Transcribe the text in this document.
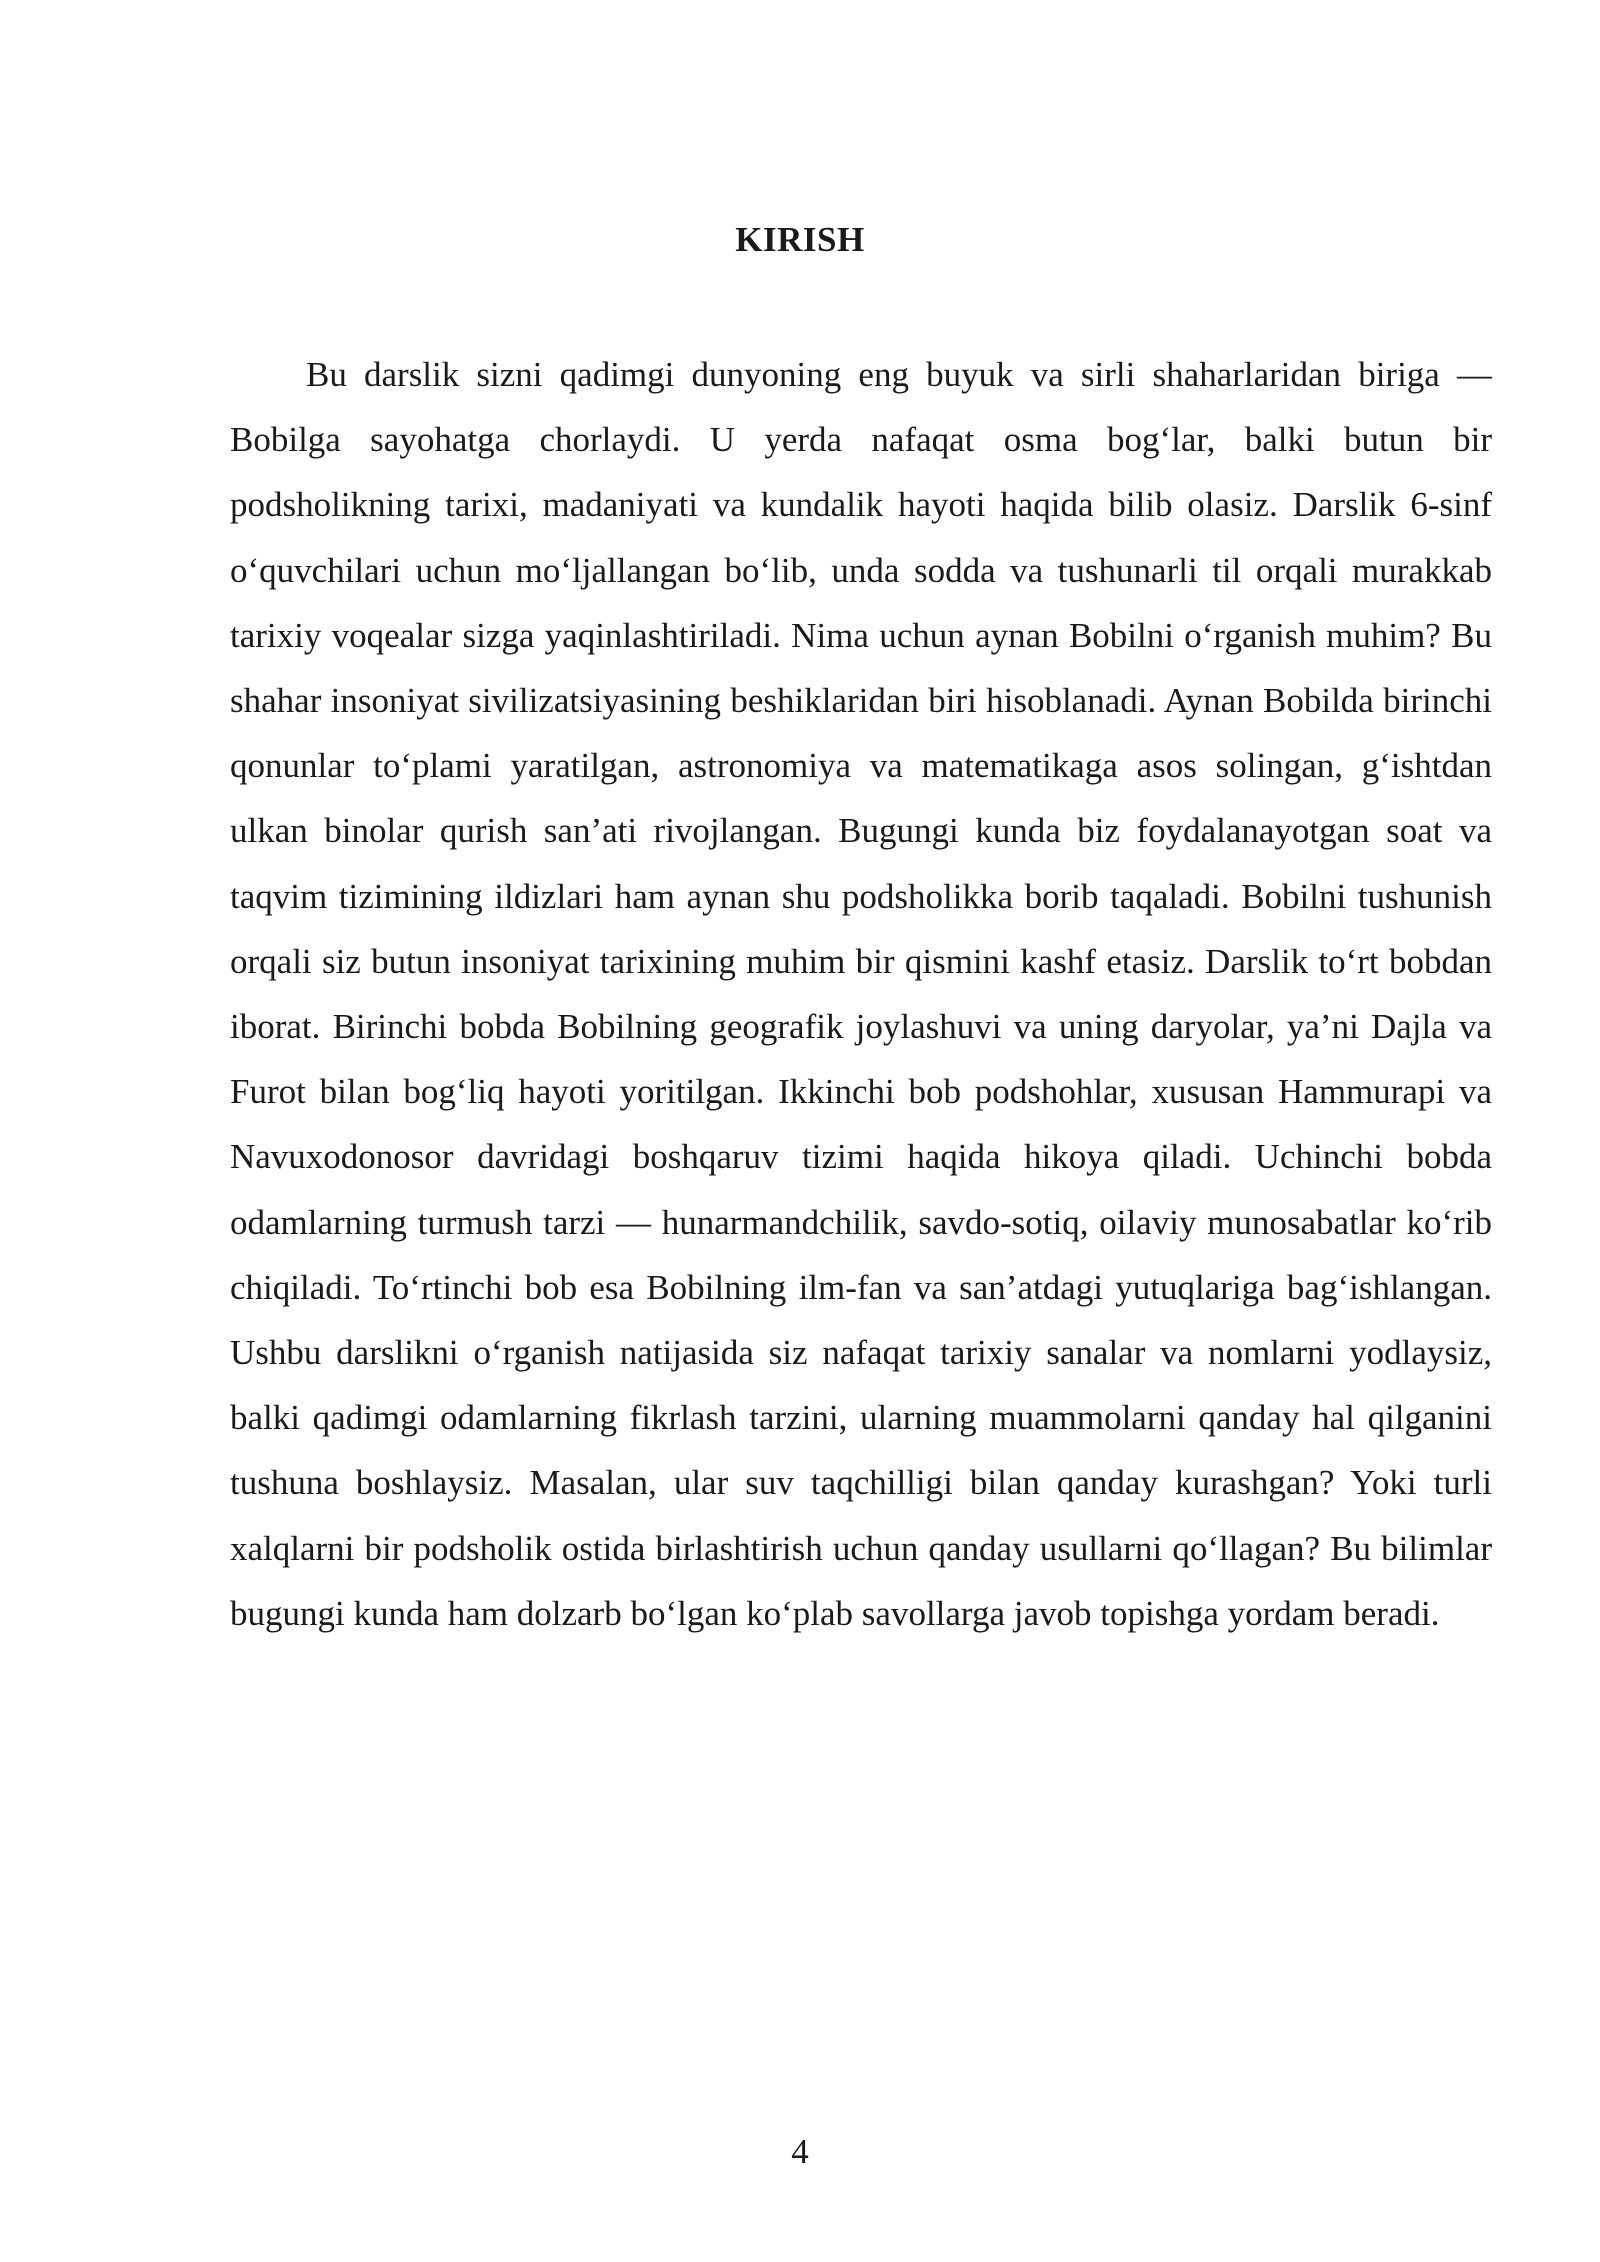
KIRISH

Bu darslik sizni qadimgi dunyoning eng buyuk va sirli shaharlaridan biriga — Bobilga sayohatga chorlaydi. U yerda nafaqat osma bog‘lar, balki butun bir podsholikning tarixi, madaniyati va kundalik hayoti haqida bilib olasiz. Darslik 6-sinf o‘quvchilari uchun mo‘ljallangan bo‘lib, unda sodda va tushunarli til orqali murakkab tarixiy voqealar sizga yaqinlashtiriladi. Nima uchun aynan Bobilni o‘rganish muhim? Bu shahar insoniyat sivilizatsiyasining beshiklaridan biri hisoblanadi. Aynan Bobilda birinchi qonunlar to‘plami yaratilgan, astronomiya va matematikaga asos solingan, g‘ishtdan ulkan binolar qurish san’ati rivojlangan. Bugungi kunda biz foydalanayotgan soat va taqvim tizimining ildizlari ham aynan shu podsholikka borib taqaladi. Bobilni tushunish orqali siz butun insoniyat tarixining muhim bir qismini kashf etasiz. Darslik to‘rt bobdan iborat. Birinchi bobda Bobilning geografik joylashuvi va uning daryolar, ya’ni Dajla va Furot bilan bog‘liq hayoti yoritilgan. Ikkinchi bob podshohlar, xususan Hammurapi va Navuxodonosor davridagi boshqaruv tizimi haqida hikoya qiladi. Uchinchi bobda odamlarning turmush tarzi — hunarmandchilik, savdo-sotiq, oilaviy munosabatlar ko‘rib chiqiladi. To‘rtinchi bob esa Bobilning ilm-fan va san’atdagi yutuqlariga bag‘ishlangan. Ushbu darslikni o‘rganish natijasida siz nafaqat tarixiy sanalar va nomlarni yodlaysiz, balki qadimgi odamlarning fikrlash tarzini, ularning muammolarni qanday hal qilganini tushuna boshlaysiz. Masalan, ular suv taqchilligi bilan qanday kurashgan? Yoki turli xalqlarni bir podsholik ostida birlashtirish uchun qanday usullarni qo‘llagan? Bu bilimlar bugungi kunda ham dolzarb bo‘lgan ko‘plab savollarga javob topishga yordam beradi.

4
